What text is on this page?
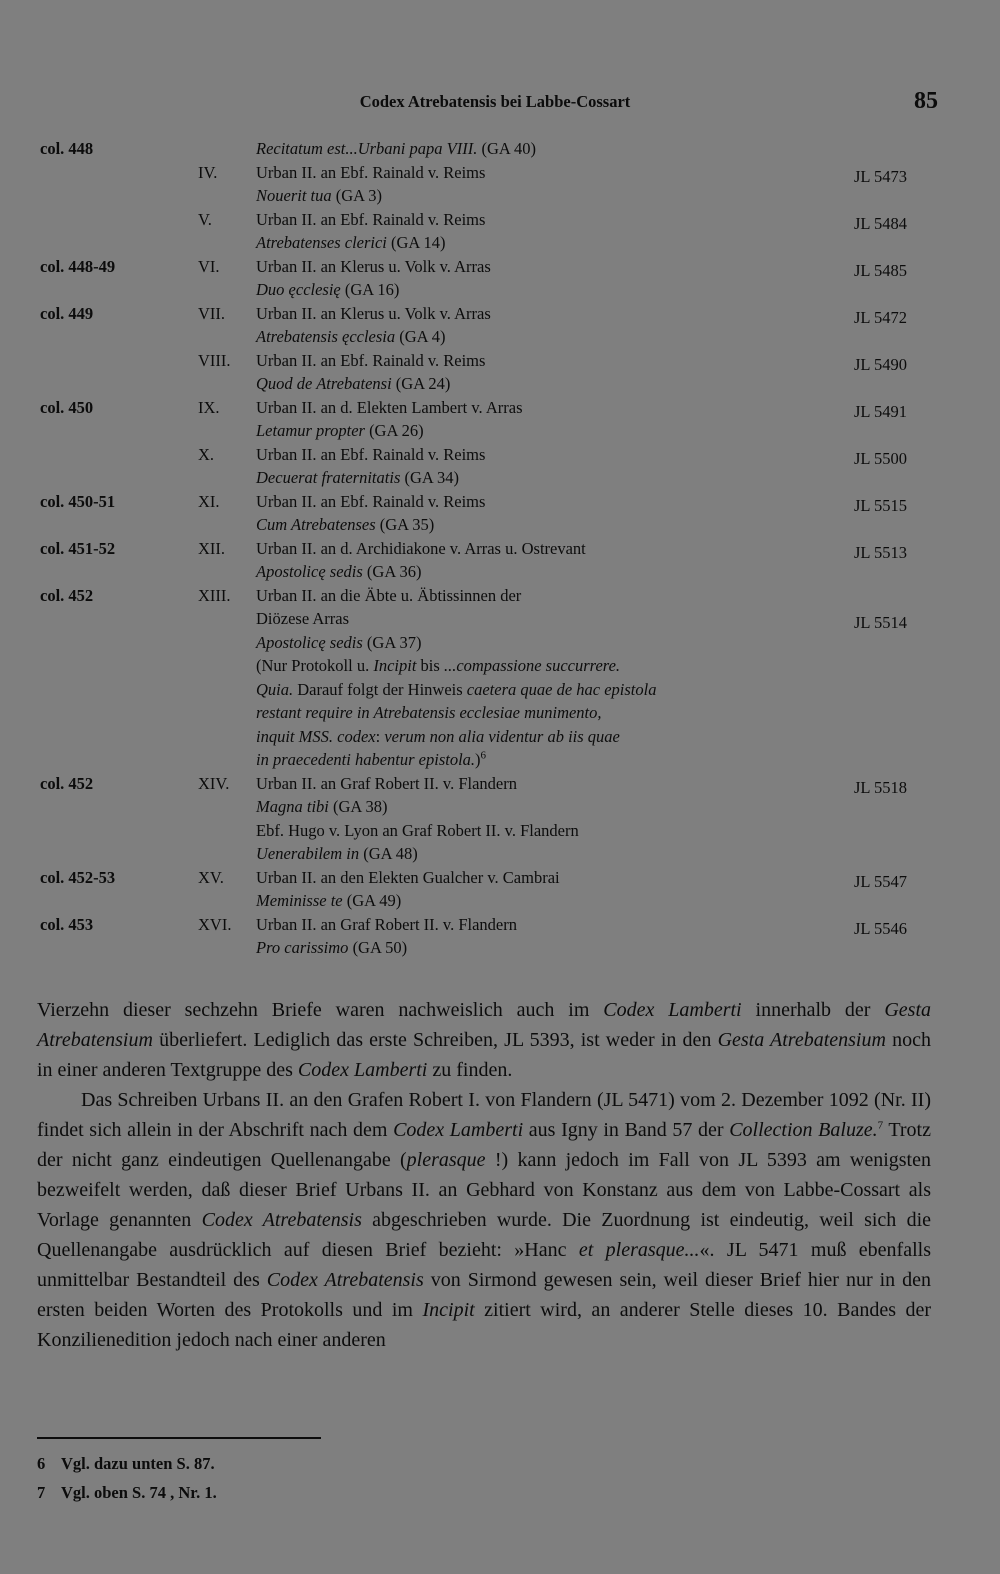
Codex Atrebatensis bei Labbe-Cossart	85
col. 448	Recitatum est...Urbani papa VIII. (GA 40)
IV.	Urban II. an Ebf. Rainald v. Reims	JL 5473
Nouerit tua (GA 3)
V.	Urban II. an Ebf. Rainald v. Reims	JL 5484
Atrebatenses clerici (GA 14)
col. 448-49	VI.	Urban II. an Klerus u. Volk v. Arras	JL 5485
Duo ęcclesię (GA 16)
col. 449	VII.	Urban II. an Klerus u. Volk v. Arras	JL 5472
Atrebatensis ęcclesia (GA 4)
VIII.	Urban II. an Ebf. Rainald v. Reims	JL 5490
Quod de Atrebatensi (GA 24)
col. 450	IX.	Urban II. an d. Elekten Lambert v. Arras	JL 5491
Letamur propter (GA 26)
X.	Urban II. an Ebf. Rainald v. Reims	JL 5500
Decuerat fraternitatis (GA 34)
col. 450-51	XI.	Urban II. an Ebf. Rainald v. Reims	JL 5515
Cum Atrebatenses (GA 35)
col. 451-52	XII.	Urban II. an d. Archidiakone v. Arras u. Ostrevant	JL 5513
Apostolicę sedis (GA 36)
col. 452	XIII.	Urban II. an die Äbte u. Äbtissinnen der
Diözese Arras	JL 5514
Apostolicę sedis (GA 37)
(Nur Protokoll u. Incipit bis ...compassione succurrere.
Quia. Darauf folgt der Hinweis caetera quae de hac epistola
restant require in Atrebatensis ecclesiae munimento,
inquit MSS. codex: verum non alia videntur ab iis quae
in praecedenti habentur epistola.)$^6$
col. 452	XIV.	Urban II. an Graf Robert II. v. Flandern	JL 5518
Magna tibi (GA 38)
Ebf. Hugo v. Lyon an Graf Robert II. v. Flandern
Uenerabilem in (GA 48)
col. 452-53	XV.	Urban II. an den Elekten Gualcher v. Cambrai	JL 5547
Meminisse te (GA 49)
col. 453	XVI.	Urban II. an Graf Robert II. v. Flandern	JL 5546
Pro carissimo (GA 50)

Vierzehn dieser sechzehn Briefe waren nachweislich auch im Codex Lamberti innerhalb der Gesta Atrebatensium überliefert. Lediglich das erste Schreiben, JL 5393, ist weder in den Gesta Atrebatensium noch in einer anderen Textgruppe des Codex Lamberti zu finden.

Das Schreiben Urbans II. an den Grafen Robert I. von Flandern (JL 5471) vom 2. Dezember 1092 (Nr. II) findet sich allein in der Abschrift nach dem Codex Lamberti aus Igny in Band 57 der Collection Baluze.$^7$ Trotz der nicht ganz eindeutigen Quellenangabe (plerasque !) kann jedoch im Fall von JL 5393 am wenigsten bezweifelt werden, daß dieser Brief Urbans II. an Gebhard von Konstanz aus dem von Labbe-Cossart als Vorlage genannten Codex Atrebatensis abgeschrieben wurde. Die Zuordnung ist eindeutig, weil sich die Quellenangabe ausdrücklich auf diesen Brief bezieht: »Hanc et plerasque...«. JL 5471 muß ebenfalls unmittelbar Bestandteil des Codex Atrebatensis von Sirmond gewesen sein, weil dieser Brief hier nur in den ersten beiden Worten des Protokolls und im Incipit zitiert wird, an anderer Stelle dieses 10. Bandes der Konzilienedition jedoch nach einer anderen

6 Vgl. dazu unten S. 87.
7 Vgl. oben S. 74 , Nr. 1.
